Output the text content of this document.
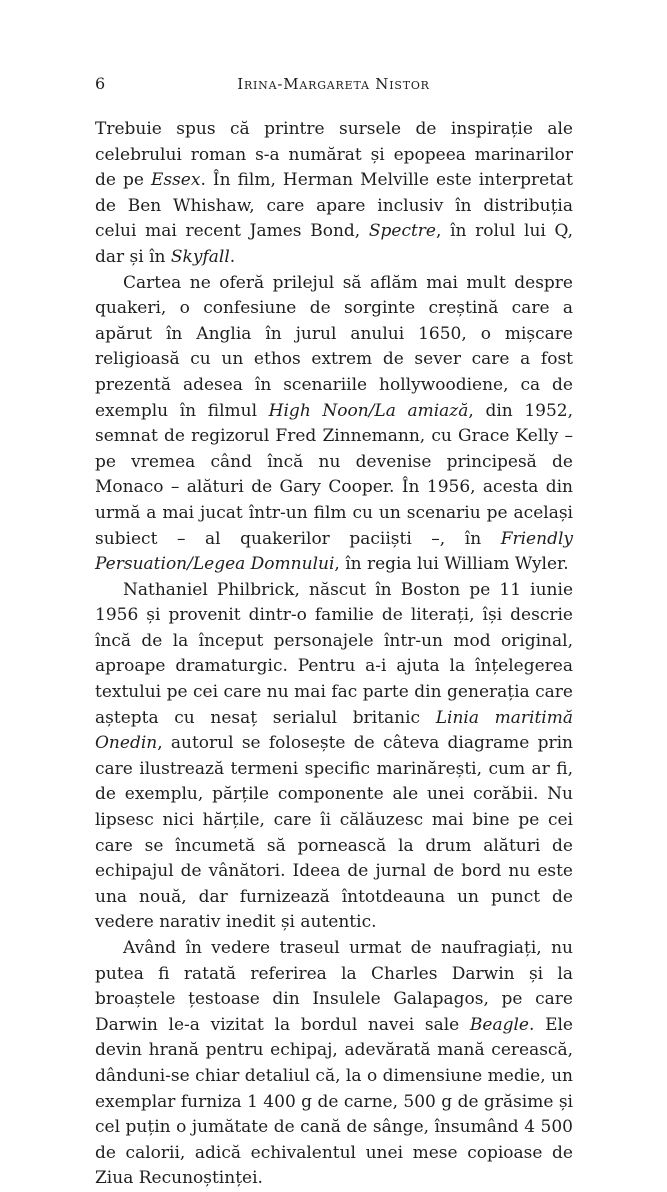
6	Irina-Margareta Nistor

Trebuie spus că printre sursele de inspirație ale celebrului roman s-a numărat și epopeea marinarilor de pe Essex. În film, Herman Melville este interpretat de Ben Whishaw, care apare inclusiv în distribuția celui mai recent James Bond, Spectre, în rolul lui Q, dar și în Skyfall.

Cartea ne oferă prilejul să aflăm mai mult despre quakeri, o confesiune de sorginte creștină care a apărut în Anglia în jurul anului 1650, o mișcare religioasă cu un ethos extrem de sever care a fost prezentă adesea în scenariile hollywoodiene, ca de exemplu în filmul High Noon/La amiază, din 1952, semnat de regizorul Fred Zinnemann, cu Grace Kelly – pe vremea când încă nu devenise principesă de Monaco – alături de Gary Cooper. În 1956, acesta din urmă a mai jucat într-un film cu un scenariu pe același subiect – al quakerilor paciiști –, în Friendly Persuation/Legea Domnului, în regia lui William Wyler.

Nathaniel Philbrick, născut în Boston pe 11 iunie 1956 și provenit dintr-o familie de literați, își descrie încă de la început personajele într-un mod original, aproape dramaturgic. Pentru a-i ajuta la înțelegerea textului pe cei care nu mai fac parte din generația care aștepta cu nesaț serialul britanic Linia maritimă Onedin, autorul se folosește de câteva diagrame prin care ilustrează termeni specific marinărești, cum ar fi, de exemplu, părțile componente ale unei corăbii. Nu lipsesc nici hărțile, care îi călăuzesc mai bine pe cei care se încumetă să pornească la drum alături de echipajul de vânători. Ideea de jurnal de bord nu este una nouă, dar furnizează întotdeauna un punct de vedere narativ inedit și autentic.

Având în vedere traseul urmat de naufragiați, nu putea fi ratată referirea la Charles Darwin și la broaștele țestoase din Insulele Galapagos, pe care Darwin le-a vizitat la bordul navei sale Beagle. Ele devin hrană pentru echipaj, adevărată mană cerească, dânduni-se chiar detaliul că, la o dimensiune medie, un exemplar furniza 1 400 g de carne, 500 g de grăsime și cel puțin o jumătate de cană de sânge, însumând 4 500 de calorii, adică echivalentul unei mese copioase de Ziua Recunoștinței.
